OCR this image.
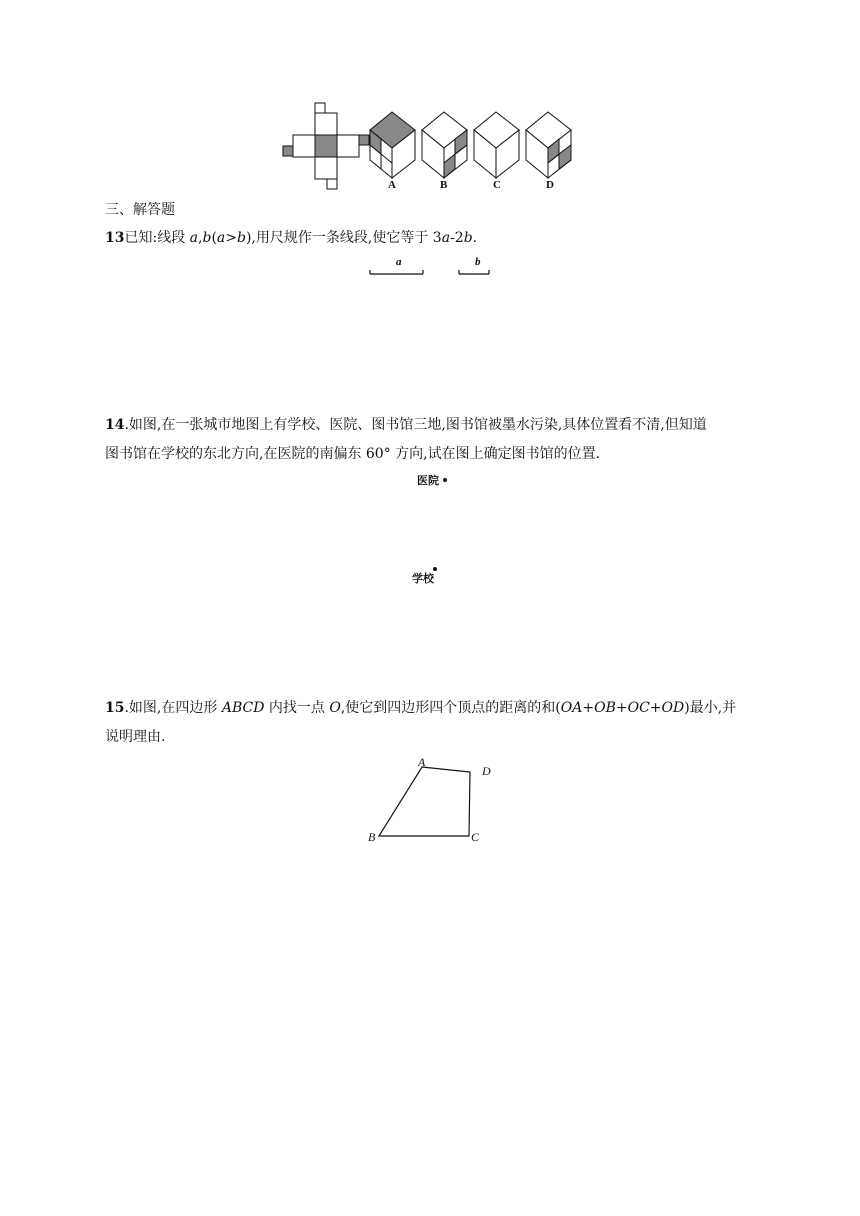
A	B	C	D
三、解答题
13已知:线段 a,b(a>b),用尺规作一条线段,使它等于 3a-2b.
a	b
14.如图,在一张城市地图上有学校、医院、图书馆三地,图书馆被墨水污染,具体位置看不清,但知道
图书馆在学校的东北方向,在医院的南偏东 60° 方向,试在图上确定图书馆的位置.
医院
学校
15.如图,在四边形 ABCD 内找一点 O,使它到四边形四个顶点的距离的和(OA+OB+OC+OD)最小,并
说明理由.
A
D
B	C
